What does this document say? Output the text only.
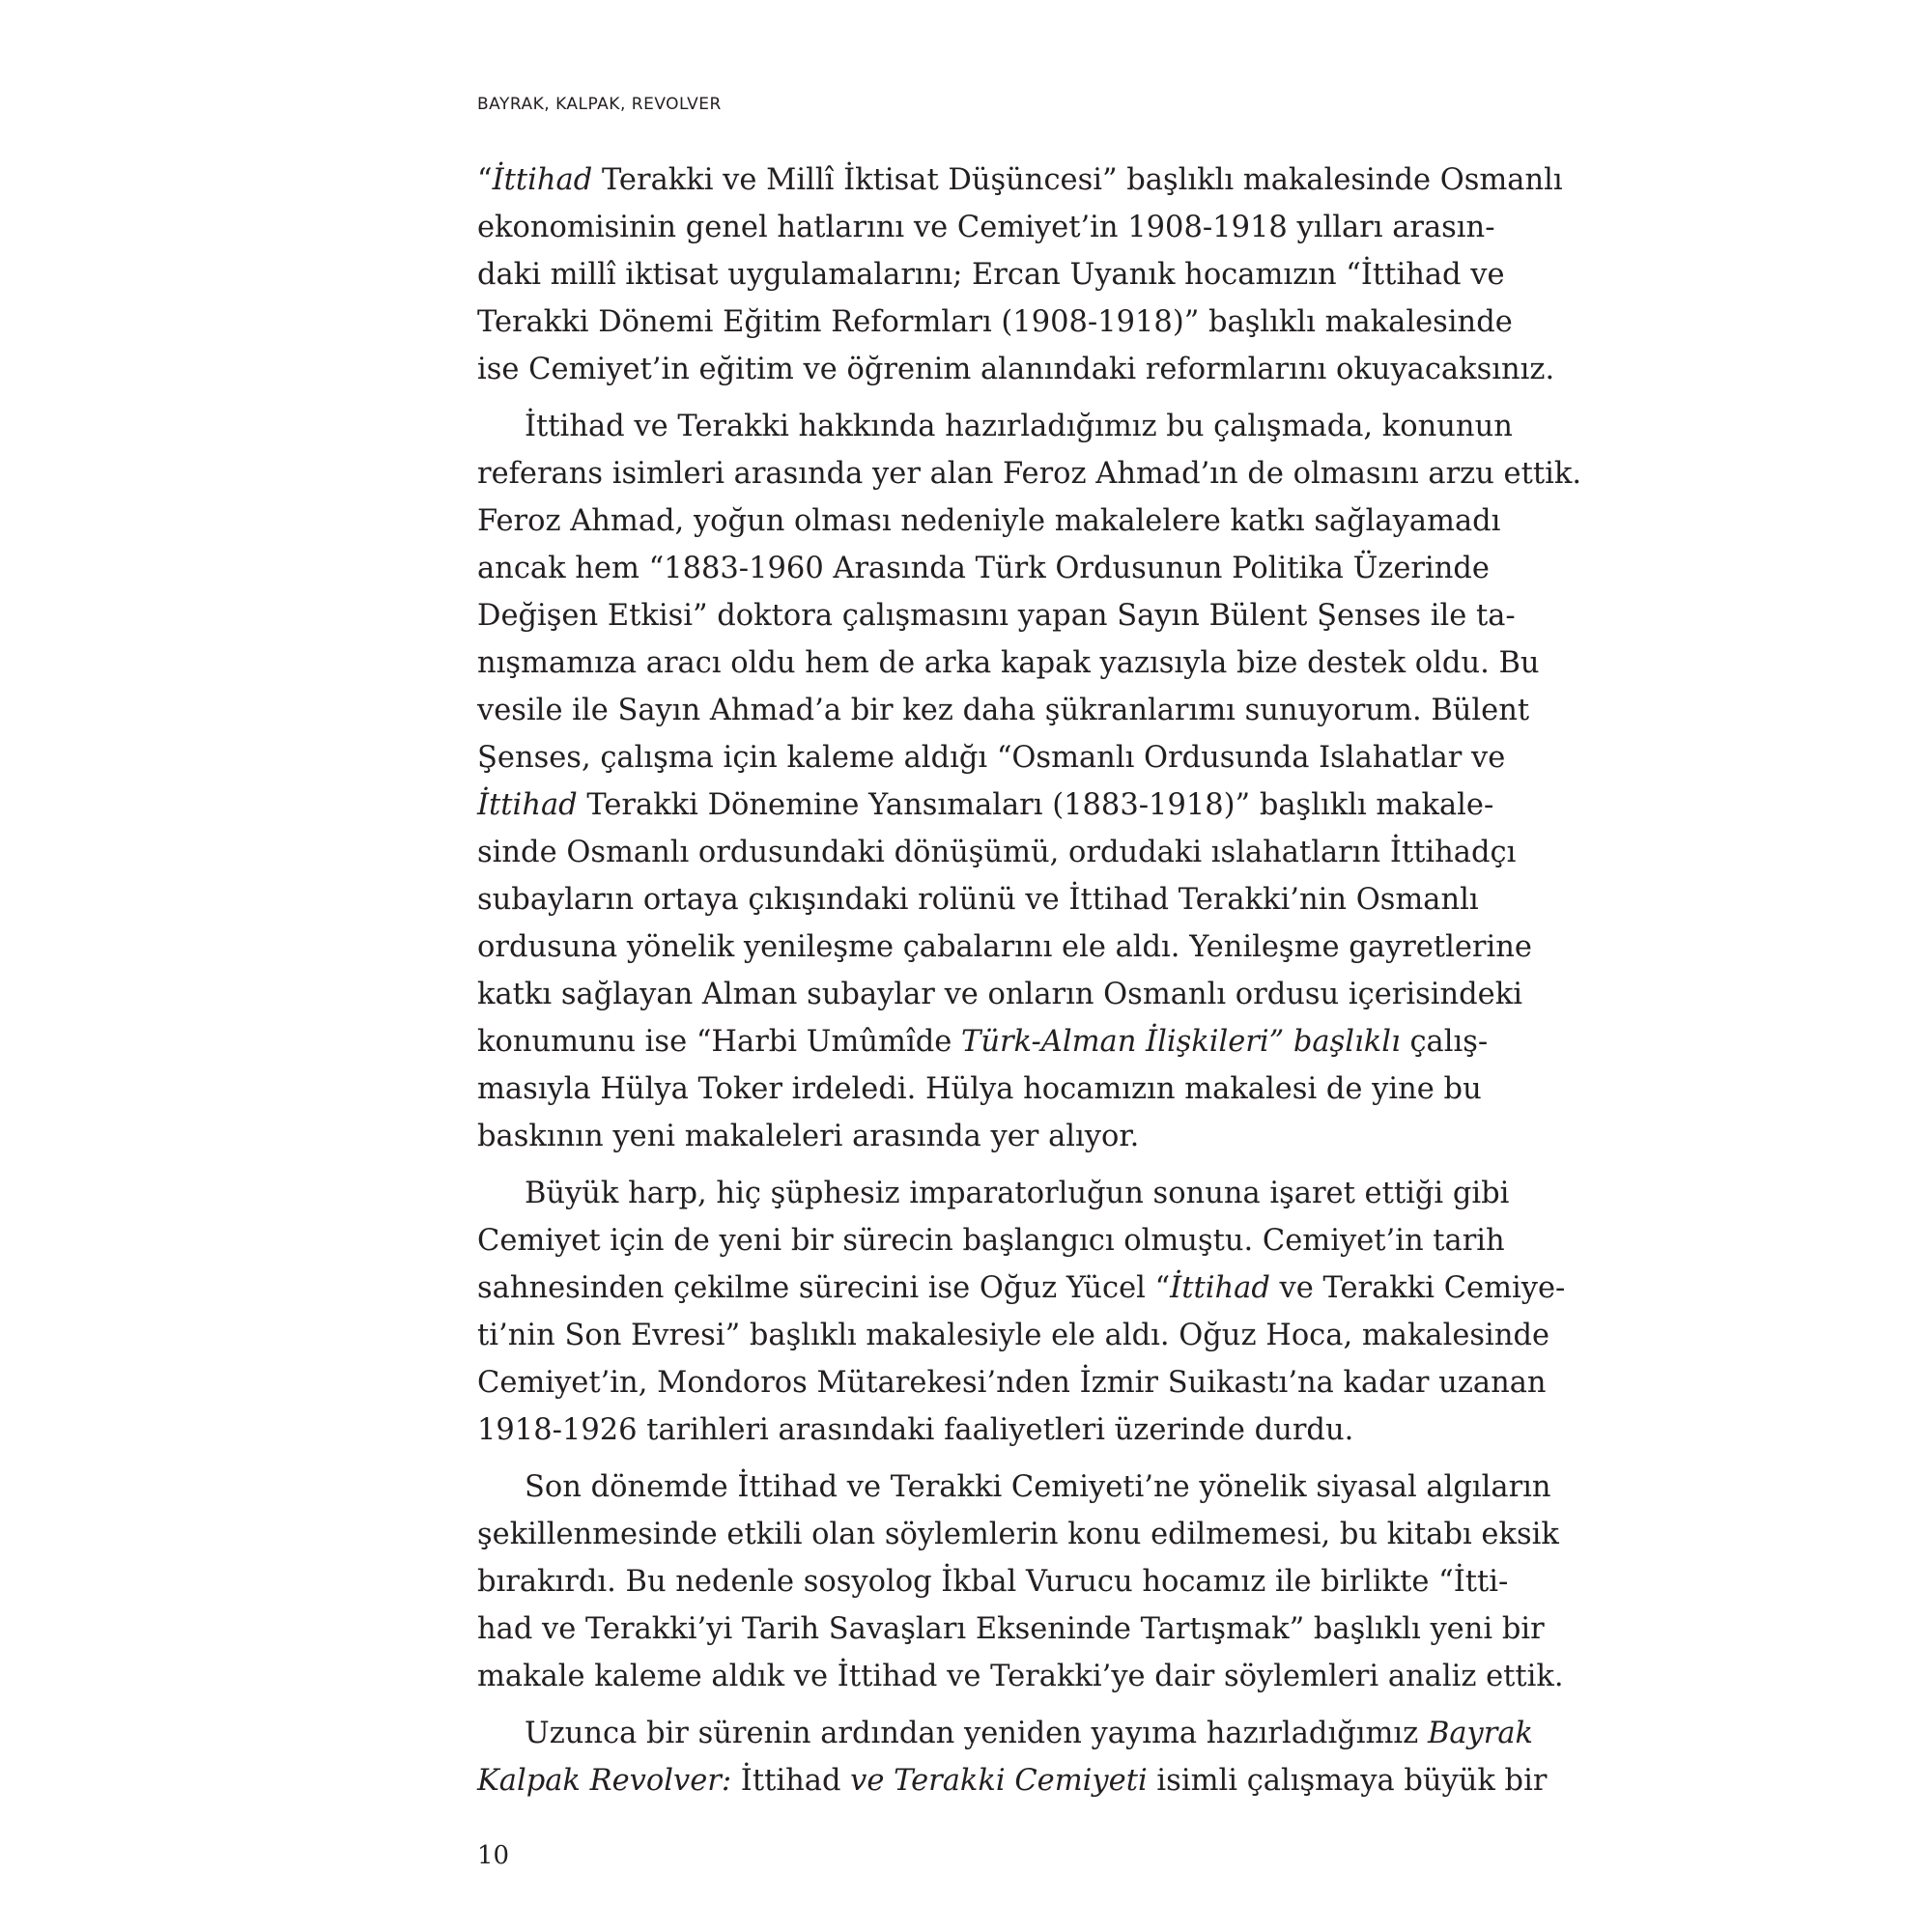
BAYRAK, KALPAK, REVOLVER
“İttihad Terakki ve Millî İktisat Düşüncesi” başlıklı makalesinde Osmanlı
ekonomisinin genel hatlarını ve Cemiyet’in 1908-1918 yılları arasın-
daki millî iktisat uygulamalarını; Ercan Uyanık hocamızın “İttihad ve
Terakki Dönemi Eğitim Reformları (1908-1918)” başlıklı makalesinde
ise Cemiyet’in eğitim ve öğrenim alanındaki reformlarını okuyacaksınız.
İttihad ve Terakki hakkında hazırladığımız bu çalışmada, konunun
referans isimleri arasında yer alan Feroz Ahmad’ın de olmasını arzu ettik.
Feroz Ahmad, yoğun olması nedeniyle makalelere katkı sağlayamadı
ancak hem “1883-1960 Arasında Türk Ordusunun Politika Üzerinde
Değişen Etkisi” doktora çalışmasını yapan Sayın Bülent Şenses ile ta-
nışmamıza aracı oldu hem de arka kapak yazısıyla bize destek oldu. Bu
vesile ile Sayın Ahmad’a bir kez daha şükranlarımı sunuyorum. Bülent
Şenses, çalışma için kaleme aldığı “Osmanlı Ordusunda Islahatlar ve
İttihad Terakki Dönemine Yansımaları (1883-1918)” başlıklı makale-
sinde Osmanlı ordusundaki dönüşümü, ordudaki ıslahatların İttihadçı
subayların ortaya çıkışındaki rolünü ve İttihad Terakki’nin Osmanlı
ordusuna yönelik yenileşme çabalarını ele aldı. Yenileşme gayretlerine
katkı sağlayan Alman subaylar ve onların Osmanlı ordusu içerisindeki
konumunu ise “Harbi Umûmîde Türk-Alman İlişkileri” başlıklı çalış-
masıyla Hülya Toker irdeledi. Hülya hocamızın makalesi de yine bu
baskının yeni makaleleri arasında yer alıyor.
Büyük harp, hiç şüphesiz imparatorluğun sonuna işaret ettiği gibi
Cemiyet için de yeni bir sürecin başlangıcı olmuştu. Cemiyet’in tarih
sahnesinden çekilme sürecini ise Oğuz Yücel “İttihad ve Terakki Cemiye-
ti’nin Son Evresi” başlıklı makalesiyle ele aldı. Oğuz Hoca, makalesinde
Cemiyet’in, Mondoros Mütarekesi’nden İzmir Suikastı’na kadar uzanan
1918-1926 tarihleri arasındaki faaliyetleri üzerinde durdu.
Son dönemde İttihad ve Terakki Cemiyeti’ne yönelik siyasal algıların
şekillenmesinde etkili olan söylemlerin konu edilmemesi, bu kitabı eksik
bırakırdı. Bu nedenle sosyolog İkbal Vurucu hocamız ile birlikte “İtti-
had ve Terakki’yi Tarih Savaşları Ekseninde Tartışmak” başlıklı yeni bir
makale kaleme aldık ve İttihad ve Terakki’ye dair söylemleri analiz ettik.
Uzunca bir sürenin ardından yeniden yayıma hazırladığımız Bayrak
Kalpak Revolver: İttihad ve Terakki Cemiyeti isimli çalışmaya büyük bir
10
